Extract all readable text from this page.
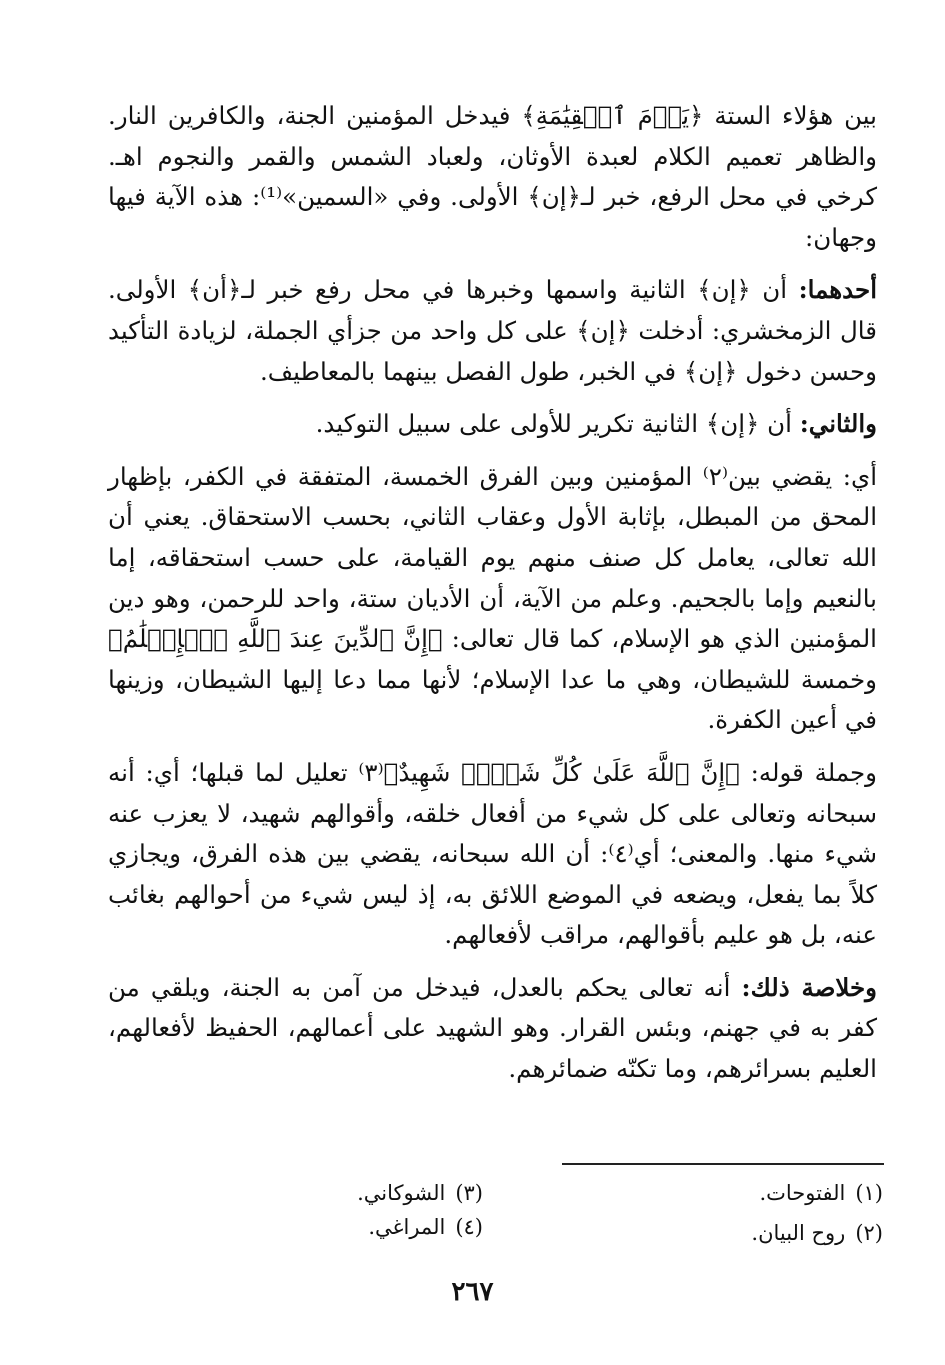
بين هؤلاء الستة ﴿يَوۡمَ ٱلۡقِيَٰمَةِ﴾ فيدخل المؤمنين الجنة، والكافرين النار. والظاهر تعميم الكلام لعبدة الأوثان، ولعباد الشمس والقمر والنجوم اهـ. كرخي في محل الرفع، خبر لـ﴿إن﴾ الأولى. وفي «السمين»⁽¹⁾: هذه الآية فيها وجهان:

أحدهما: أن ﴿إن﴾ الثانية واسمها وخبرها في محل رفع خبر لـ﴿أن﴾ الأولى. قال الزمخشري: أدخلت ﴿إن﴾ على كل واحد من جزأي الجملة، لزيادة التأكيد وحسن دخول ﴿إن﴾ في الخبر، طول الفصل بينهما بالمعاطيف.

والثاني: أن ﴿إن﴾ الثانية تكرير للأولى على سبيل التوكيد.

أي: يقضي بين⁽٢⁾ المؤمنين وبين الفرق الخمسة، المتفقة في الكفر، بإظهار المحق من المبطل، بإثابة الأول وعقاب الثاني، بحسب الاستحقاق. يعني أن الله تعالى، يعامل كل صنف منهم يوم القيامة، على حسب استحقاقه، إما بالنعيم وإما بالجحيم. وعلم من الآية، أن الأديان ستة، واحد للرحمن، وهو دين المؤمنين الذي هو الإسلام، كما قال تعالى: ﴿إِنَّ ٱلدِّينَ عِندَ ٱللَّهِ ٱلۡإِسۡلَٰمُ﴾ وخمسة للشيطان، وهي ما عدا الإسلام؛ لأنها مما دعا إليها الشيطان، وزينها في أعين الكفرة.

وجملة قوله: ﴿إِنَّ ٱللَّهَ عَلَىٰ كُلِّ شَيۡءٖ شَهِيدٌ﴾⁽٣⁾ تعليل لما قبلها؛ أي: أنه سبحانه وتعالى على كل شيء من أفعال خلقه، وأقوالهم شهيد، لا يعزب عنه شيء منها. والمعنى؛ أي⁽٤⁾: أن الله سبحانه، يقضي بين هذه الفرق، ويجازي كلاً بما يفعل، ويضعه في الموضع اللائق به، إذ ليس شيء من أحوالهم بغائب عنه، بل هو عليم بأقوالهم، مراقب لأفعالهم.

وخلاصة ذلك: أنه تعالى يحكم بالعدل، فيدخل من آمن به الجنة، ويلقي من كفر به في جهنم، وبئس القرار. وهو الشهيد على أعمالهم، الحفيظ لأفعالهم، العليم بسرائرهم، وما تكنّه ضمائرهم.

(١)الفتوحات.
(٢)روح البيان.
(٣)الشوكاني.
(٤)المراغي.
٢٦٧
